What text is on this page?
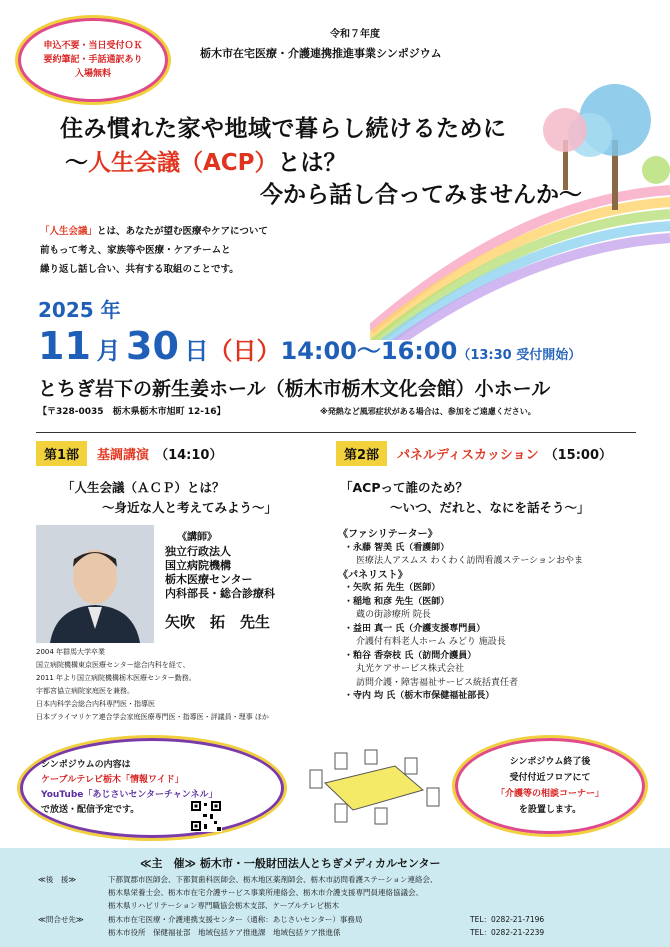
申込不要・当日受付ＯＫ
要約筆記・手話通訳あり
入場無料
令和７年度
栃木市在宅医療・介護連携推進事業シンポジウム
住み慣れた家や地域で暮らし続けるために
～人生会議（ACP）とは？
今から話し合ってみませんか～
「人生会議」とは、あなたが望む医療やケアについて
前もって考え、家族等や医療・ケアチームと
繰り返し話し合い、共有する取組のことです。
2025 年
11 月 30 日（日）14:00～16:00（13:30 受付開始）
とちぎ岩下の新生姜ホール（栃木市栃木文化会館）小ホール
【〒328-0035　栃木県栃木市旭町 12-16】	※発熱など風邪症状がある場合は、参加をご遠慮ください。
第1部	基調講演 （14:10）
「人生会議（ＡＣＰ）とは？
～身近な人と考えてみよう～」
《講師》
独立行政法人
国立病院機構
栃木医療センター
内科部長・総合診療科
矢吹　拓　先生
2004 年群馬大学卒業
国立病院機構東京医療センター総合内科を経て、
2011 年より国立病院機構栃木医療センター勤務。
宇都宮協立病院家庭医を兼務。
日本内科学会総合内科専門医・指導医
日本プライマリケア連合学会家庭医療専門医・指導医・評議員・理事 ほか
第2部	パネルディスカッション （15:00）
「ACPって誰のため？
～いつ、だれと、なにを話そう～」
《ファシリテーター》
・永藤 智美 氏（看護師）
医療法人アスムス わくわく訪問看護ステーションおやま
《パネリスト》
・矢吹 拓 先生（医師）
・稲地 和彦 先生（医師）
蔵の街診療所 院長
・益田 真一 氏（介護支援専門員）
介護付有料老人ホーム みどり 施設長
・粕谷 香奈枝 氏（訪問介護員）
丸光ケアサービス株式会社
訪問介護・障害福祉サービス統括責任者
・寺内 均 氏（栃木市保健福祉部長）
シンポジウムの内容は
ケーブルテレビ栃木「情報ワイド」
YouTube「あじさいセンターチャンネル」
で放送・配信予定です。
シンポジウム終了後
受付付近フロアにて
「介護等の相談コーナー」
を設置します。
≪主　催≫ 栃木市・一般財団法人とちぎメディカルセンター
≪後　援≫	下都賀郡市医師会、下都賀歯科医師会、栃木地区薬剤師会、栃木市訪問看護ステーション連絡会、
栃木県栄養士会、栃木市在宅介護サービス事業所連絡会、栃木市介護支援専門員連絡協議会、
栃木県リハビリテーション専門職協会栃木支部、ケーブルテレビ栃木
≪問合せ先≫	栃木市在宅医療・介護連携支援センター（通称：あじさいセンター）事務局	TEL：0282-21-7196
栃木市役所　保健福祉部　地域包括ケア推進課　地域包括ケア推進係	TEL：0282-21-2239
